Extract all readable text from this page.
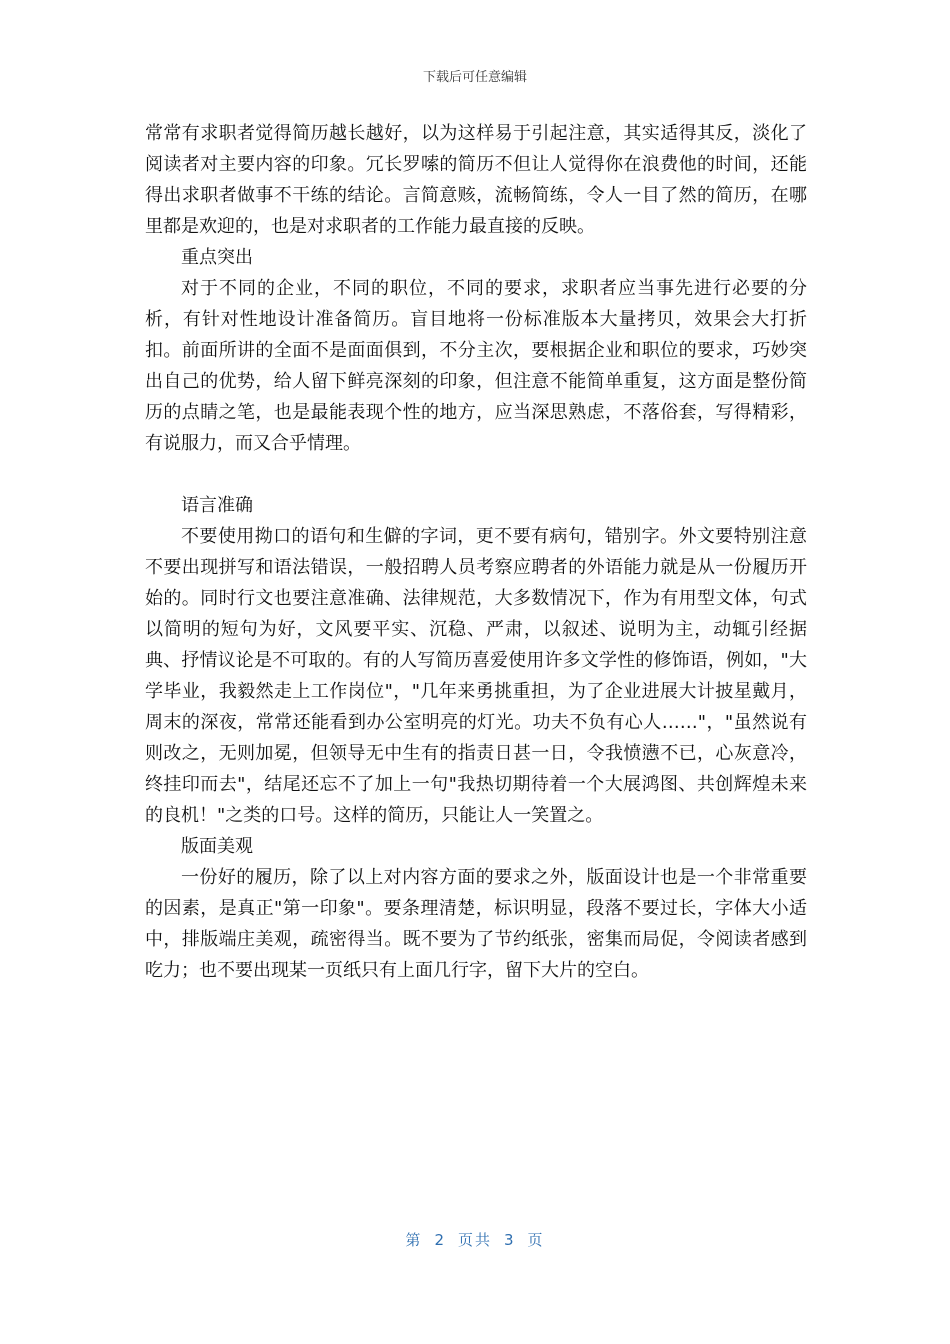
下载后可任意编辑

常常有求职者觉得简历越长越好，以为这样易于引起注意，其实适得其反，淡化了阅读者对主要内容的印象。冗长罗嗦的简历不但让人觉得你在浪费他的时间，还能得出求职者做事不干练的结论。言简意赅，流畅简练，令人一目了然的简历，在哪里都是欢迎的，也是对求职者的工作能力最直接的反映。

重点突出

对于不同的企业，不同的职位，不同的要求，求职者应当事先进行必要的分析，有针对性地设计准备简历。盲目地将一份标准版本大量拷贝，效果会大打折扣。前面所讲的全面不是面面俱到，不分主次，要根据企业和职位的要求，巧妙突出自己的优势，给人留下鲜亮深刻的印象，但注意不能简单重复，这方面是整份简历的点睛之笔，也是最能表现个性的地方，应当深思熟虑，不落俗套，写得精彩，有说服力，而又合乎情理。

语言准确

不要使用拗口的语句和生僻的字词，更不要有病句，错别字。外文要特别注意不要出现拼写和语法错误，一般招聘人员考察应聘者的外语能力就是从一份履历开始的。同时行文也要注意准确、法律规范，大多数情况下，作为有用型文体，句式以简明的短句为好，文风要平实、沉稳、严肃，以叙述、说明为主，动辄引经据典、抒情议论是不可取的。有的人写简历喜爱使用许多文学性的修饰语，例如，"大学毕业，我毅然走上工作岗位"，"几年来勇挑重担，为了企业进展大计披星戴月，周末的深夜，常常还能看到办公室明亮的灯光。功夫不负有心人……"，"虽然说有则改之，无则加冕，但领导无中生有的指责日甚一日，令我愤懑不已，心灰意冷，终挂印而去"，结尾还忘不了加上一句"我热切期待着一个大展鸿图、共创辉煌未来的良机！"之类的口号。这样的简历，只能让人一笑置之。

版面美观

一份好的履历，除了以上对内容方面的要求之外，版面设计也是一个非常重要的因素，是真正"第一印象"。要条理清楚，标识明显，段落不要过长，字体大小适中，排版端庄美观，疏密得当。既不要为了节约纸张，密集而局促，令阅读者感到吃力；也不要出现某一页纸只有上面几行字，留下大片的空白。

第 2 页共 3 页
